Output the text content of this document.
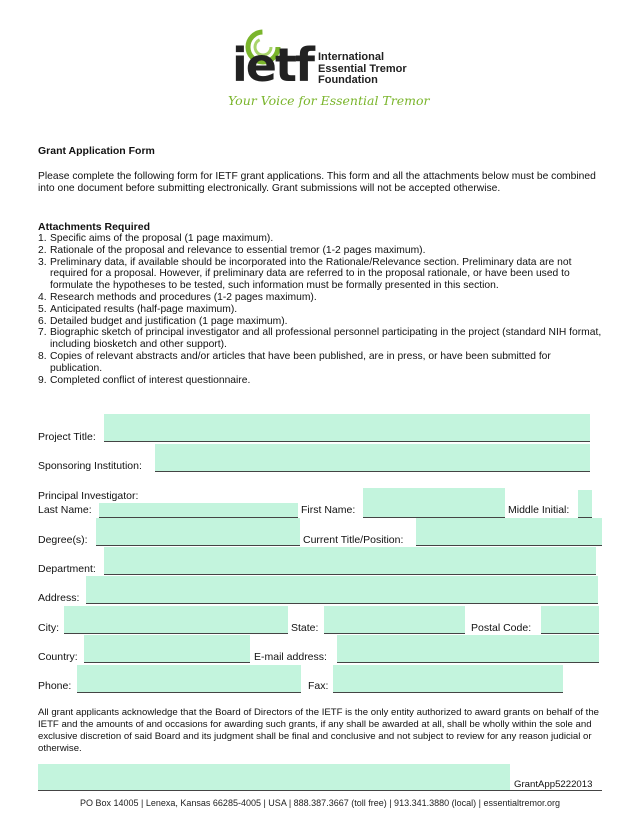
ietf International
Essential Tremor
Foundation
Your Voice for Essential Tremor
Grant Application Form
Please complete the following form for IETF grant applications. This form and all the attachments below must be combined into one document before submitting electronically. Grant submissions will not be accepted otherwise.
Attachments Required
1. Specific aims of the proposal (1 page maximum).
2. Rationale of the proposal and relevance to essential tremor (1-2 pages maximum).
3. Preliminary data, if available should be incorporated into the Rationale/Relevance section. Preliminary data are not required for a proposal. However, if preliminary data are referred to in the proposal rationale, or have been used to formulate the hypotheses to be tested, such information must be formally presented in this section.
4. Research methods and procedures (1-2 pages maximum).
5. Anticipated results (half-page maximum).
6. Detailed budget and justification (1 page maximum).
7. Biographic sketch of principal investigator and all professional personnel participating in the project (standard NIH format, including biosketch and other support).
8. Copies of relevant abstracts and/or articles that have been published, are in press, or have been submitted for publication.
9. Completed conflict of interest questionnaire.
Project Title:
Sponsoring Institution:
Principal Investigator:
Last Name:	First Name:	Middle Initial:
Degree(s):	Current Title/Position:
Department:
Address:
City:	State:	Postal Code:
Country:	E-mail address:
Phone:	Fax:
All grant applicants acknowledge that the Board of Directors of the IETF is the only entity authorized to award grants on behalf of the IETF and the amounts of and occasions for awarding such grants, if any shall be awarded at all, shall be wholly within the sole and exclusive discretion of said Board and its judgment shall be final and conclusive and not subject to review for any reason judicial or otherwise.
GrantApp5222013
PO Box 14005 | Lenexa, Kansas 66285-4005 | USA | 888.387.3667 (toll free) | 913.341.3880 (local) | essentialtremor.org
